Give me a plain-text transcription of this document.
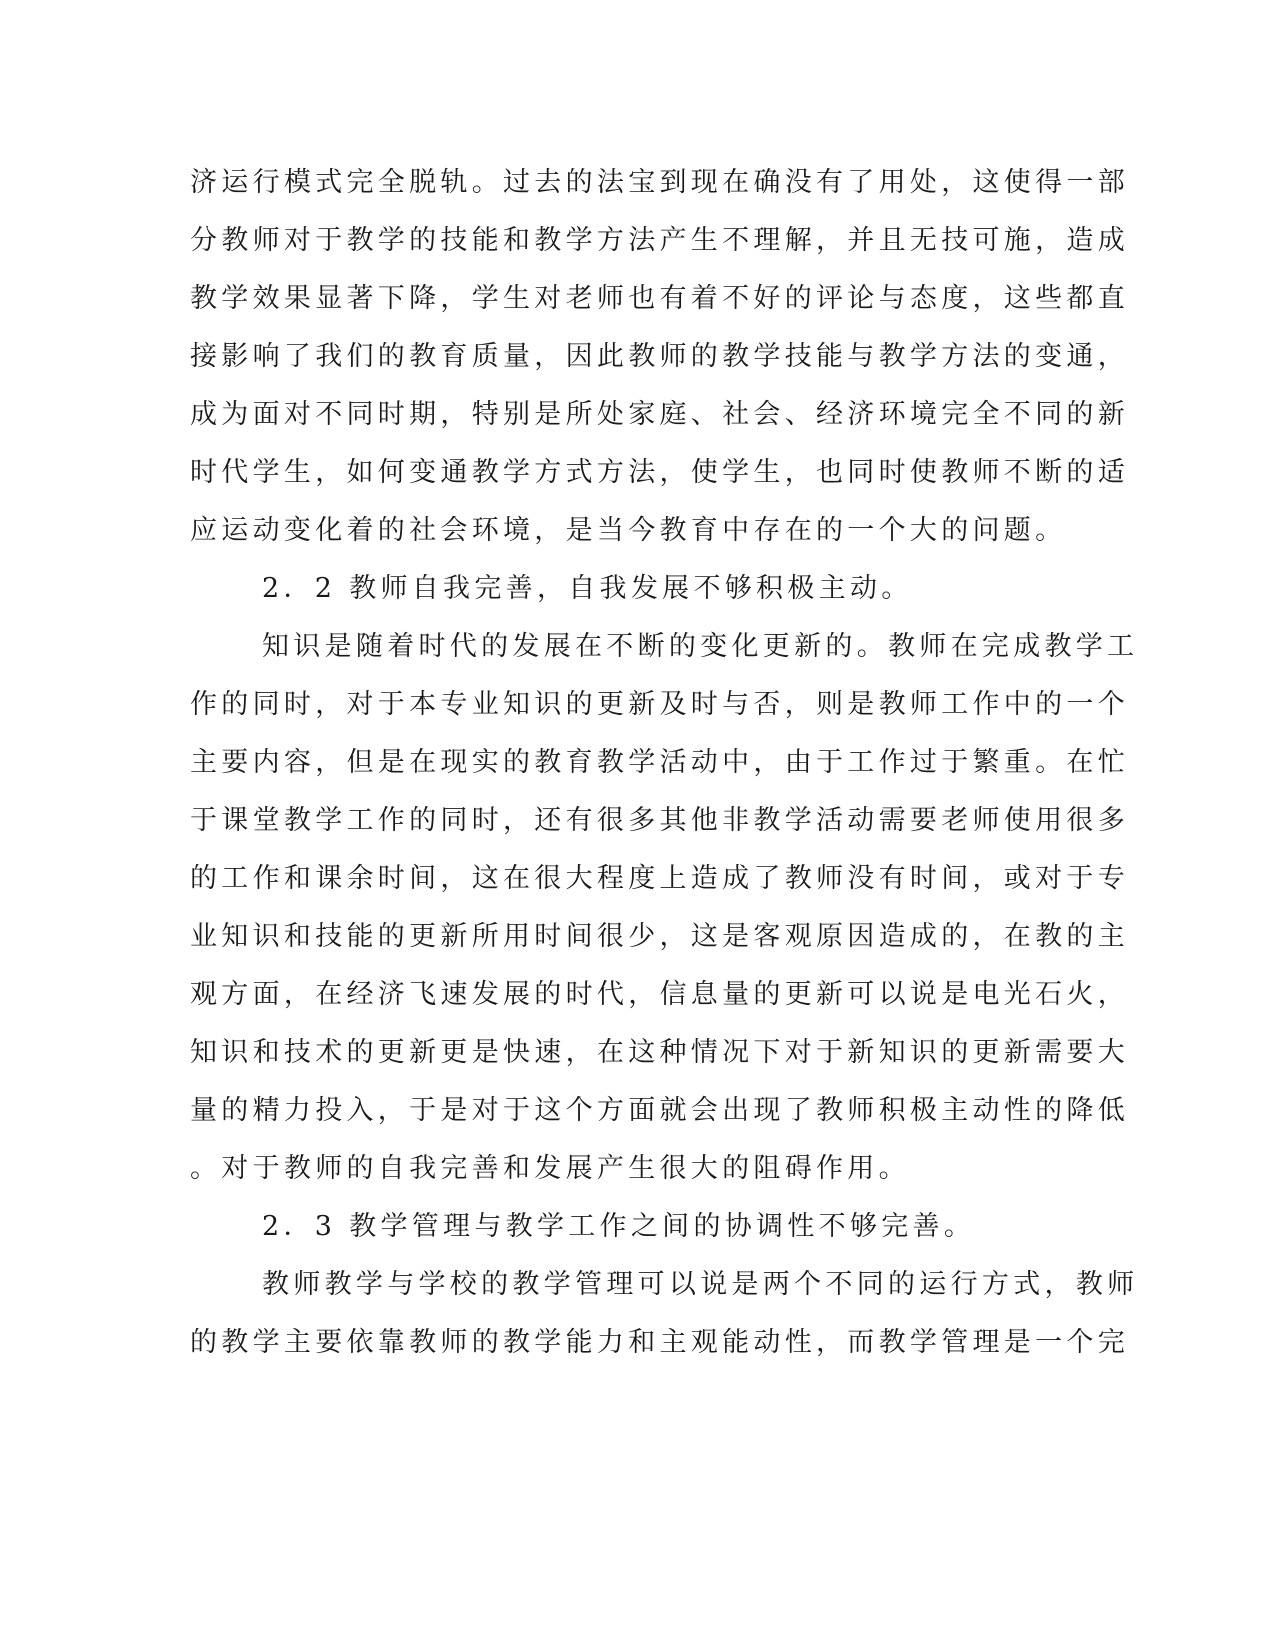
济运行模式完全脱轨。过去的法宝到现在确没有了用处，这使得一部
分教师对于教学的技能和教学方法产生不理解，并且无技可施，造成
教学效果显著下降，学生对老师也有着不好的评论与态度，这些都直
接影响了我们的教育质量，因此教师的教学技能与教学方法的变通，
成为面对不同时期，特别是所处家庭、社会、经济环境完全不同的新
时代学生，如何变通教学方式方法，使学生，也同时使教师不断的适
应运动变化着的社会环境，是当今教育中存在的一个大的问题。
2．2 教师自我完善，自我发展不够积极主动。
知识是随着时代的发展在不断的变化更新的。教师在完成教学工
作的同时，对于本专业知识的更新及时与否，则是教师工作中的一个
主要内容，但是在现实的教育教学活动中，由于工作过于繁重。在忙
于课堂教学工作的同时，还有很多其他非教学活动需要老师使用很多
的工作和课余时间，这在很大程度上造成了教师没有时间，或对于专
业知识和技能的更新所用时间很少，这是客观原因造成的，在教的主
观方面，在经济飞速发展的时代，信息量的更新可以说是电光石火，
知识和技术的更新更是快速，在这种情况下对于新知识的更新需要大
量的精力投入，于是对于这个方面就会出现了教师积极主动性的降低
。对于教师的自我完善和发展产生很大的阻碍作用。
2．3 教学管理与教学工作之间的协调性不够完善。
教师教学与学校的教学管理可以说是两个不同的运行方式，教师
的教学主要依靠教师的教学能力和主观能动性，而教学管理是一个完
